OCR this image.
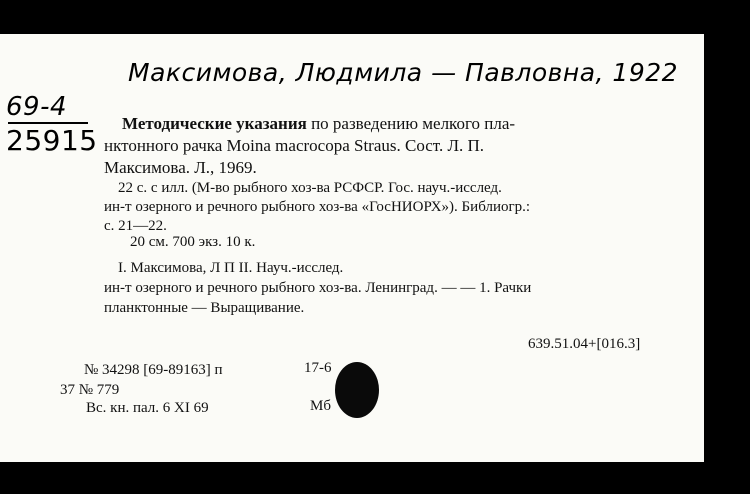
Максимова, Людмила — Павловна, 1922
69-4
25915
Методические указания по разведению мелкого пла-
нктонного рачка Moina macrocopa Straus. Сост. Л. П.
Максимова. Л., 1969.
22 с. с илл. (М-во рыбного хоз-ва РСФСР. Гос. науч.-исслед.
ин-т озерного и речного рыбного хоз-ва «ГосНИОРХ»). Библиогр.:
с. 21—22.
20 см. 700 экз. 10 к.
I. Максимова, Л П II. Науч.-исслед.
ин-т озерного и речного рыбного хоз-ва. Ленинград. — — 1. Рачки
планктонные — Выращивание.
639.51.04+[016.3]
№ 34298 [69-89163] п	17-6
37 № 779
Вс. кн. пал. 6 XI 69	Мб
